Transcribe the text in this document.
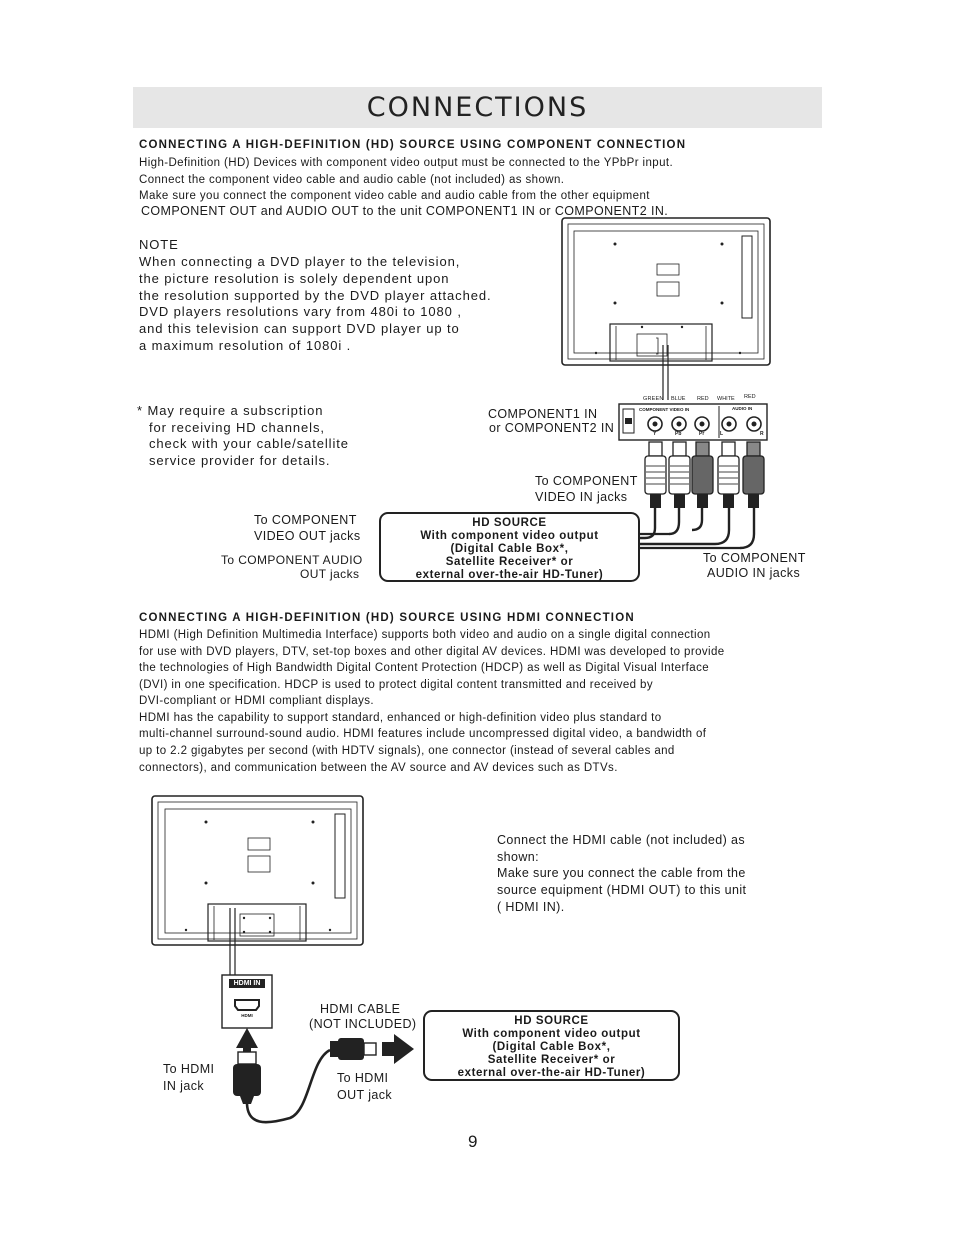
CONNECTIONS
CONNECTING A HIGH-DEFINITION (HD) SOURCE USING COMPONENT CONNECTION
High-Definition (HD) Devices with component video output must be connected to the YPbPr input.
Connect the component video cable and audio cable (not included) as shown.
Make sure you connect the component video cable and audio cable from the other equipment
COMPONENT OUT and AUDIO OUT to the unit COMPONENT1 IN or COMPONENT2 IN.
NOTE
When connecting a DVD player to the television,
the picture resolution is solely dependent upon
the resolution supported by the DVD player attached.
DVD players resolutions vary from 480i to 1080 ,
and this television can support DVD player up to
a maximum resolution of 1080i .
* May require a subscription
for receiving HD channels,
check with your cable/satellite
service provider for details.
GREEN BLUE RED WHITE RED
COMPONENT VIDEO IN	AUDIO IN
Y	Pb	Pr	L	R
COMPONENT1 IN
or COMPONENT2 IN
To COMPONENT
VIDEO IN jacks
To COMPONENT
VIDEO OUT jacks
To COMPONENT AUDIO
OUT jacks
To COMPONENT
AUDIO IN jacks
HD SOURCE
With component video output
(Digital Cable Box*,
Satellite Receiver* or
external over-the-air HD-Tuner)
CONNECTING A HIGH-DEFINITION (HD) SOURCE USING HDMI CONNECTION
HDMI (High Definition Multimedia Interface) supports both video and audio on a single digital connection
for use with DVD players, DTV, set-top boxes and other digital AV devices. HDMI was developed to provide
the technologies of High Bandwidth Digital Content Protection (HDCP) as well as Digital Visual Interface
(DVI) in one specification. HDCP is used to protect digital content transmitted and received by
DVI-compliant or HDMI compliant displays.
HDMI has the capability to support standard, enhanced or high-definition video plus standard to
multi-channel surround-sound audio. HDMI features include uncompressed digital video, a bandwidth of
up to 2.2 gigabytes per second (with HDTV signals), one connector (instead of several cables and
connectors), and communication between the AV source and AV devices such as DTVs.
HDMI IN
HDMI
Connect the HDMI cable (not included) as
shown:
Make sure you connect the cable from the
source equipment (HDMI OUT) to this unit
( HDMI IN).
HDMI CABLE
(NOT INCLUDED)
To HDMI
IN jack
To HDMI
OUT jack
HD SOURCE
With component video output
(Digital Cable Box*,
Satellite Receiver* or
external over-the-air HD-Tuner)
9
